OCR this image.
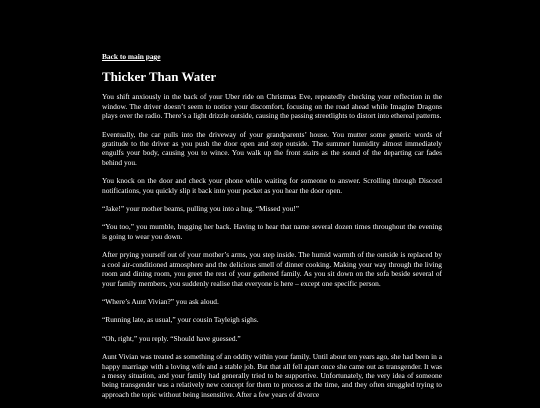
Back to main page
Thicker Than Water

You shift anxiously in the back of your Uber ride on Christmas Eve, repeatedly checking your reflection in the window. The driver doesn’t seem to notice your discomfort, focusing on the road ahead while Imagine Dragons plays over the radio. There’s a light drizzle outside, causing the passing streetlights to distort into ethereal patterns.

Eventually, the car pulls into the driveway of your grandparents’ house. You mutter some generic words of gratitude to the driver as you push the door open and step outside. The summer humidity almost immediately engulfs your body, causing you to wince. You walk up the front stairs as the sound of the departing car fades behind you.

You knock on the door and check your phone while waiting for someone to answer. Scrolling through Discord notifications, you quickly slip it back into your pocket as you hear the door open.

“Jake!” your mother beams, pulling you into a hug. “Missed you!”

“You too,” you mumble, hugging her back. Having to hear that name several dozen times throughout the evening is going to wear you down.

After prying yourself out of your mother’s arms, you step inside. The humid warmth of the outside is replaced by a cool air-conditioned atmosphere and the delicious smell of dinner cooking. Making your way through the living room and dining room, you greet the rest of your gathered family. As you sit down on the sofa beside several of your family members, you suddenly realise that everyone is here – except one specific person.

“Where’s Aunt Vivian?” you ask aloud.

“Running late, as usual,” your cousin Tayleigh sighs.

“Oh, right,” you reply. “Should have guessed.”

Aunt Vivian was treated as something of an oddity within your family. Until about ten years ago, she had been in a happy marriage with a loving wife and a stable job. But that all fell apart once she came out as transgender. It was a messy situation, and your family had generally tried to be supportive. Unfortunately, the very idea of someone being transgender was a relatively new concept for them to process at the time, and they often struggled trying to approach the topic without being insensitive. After a few years of divorce
